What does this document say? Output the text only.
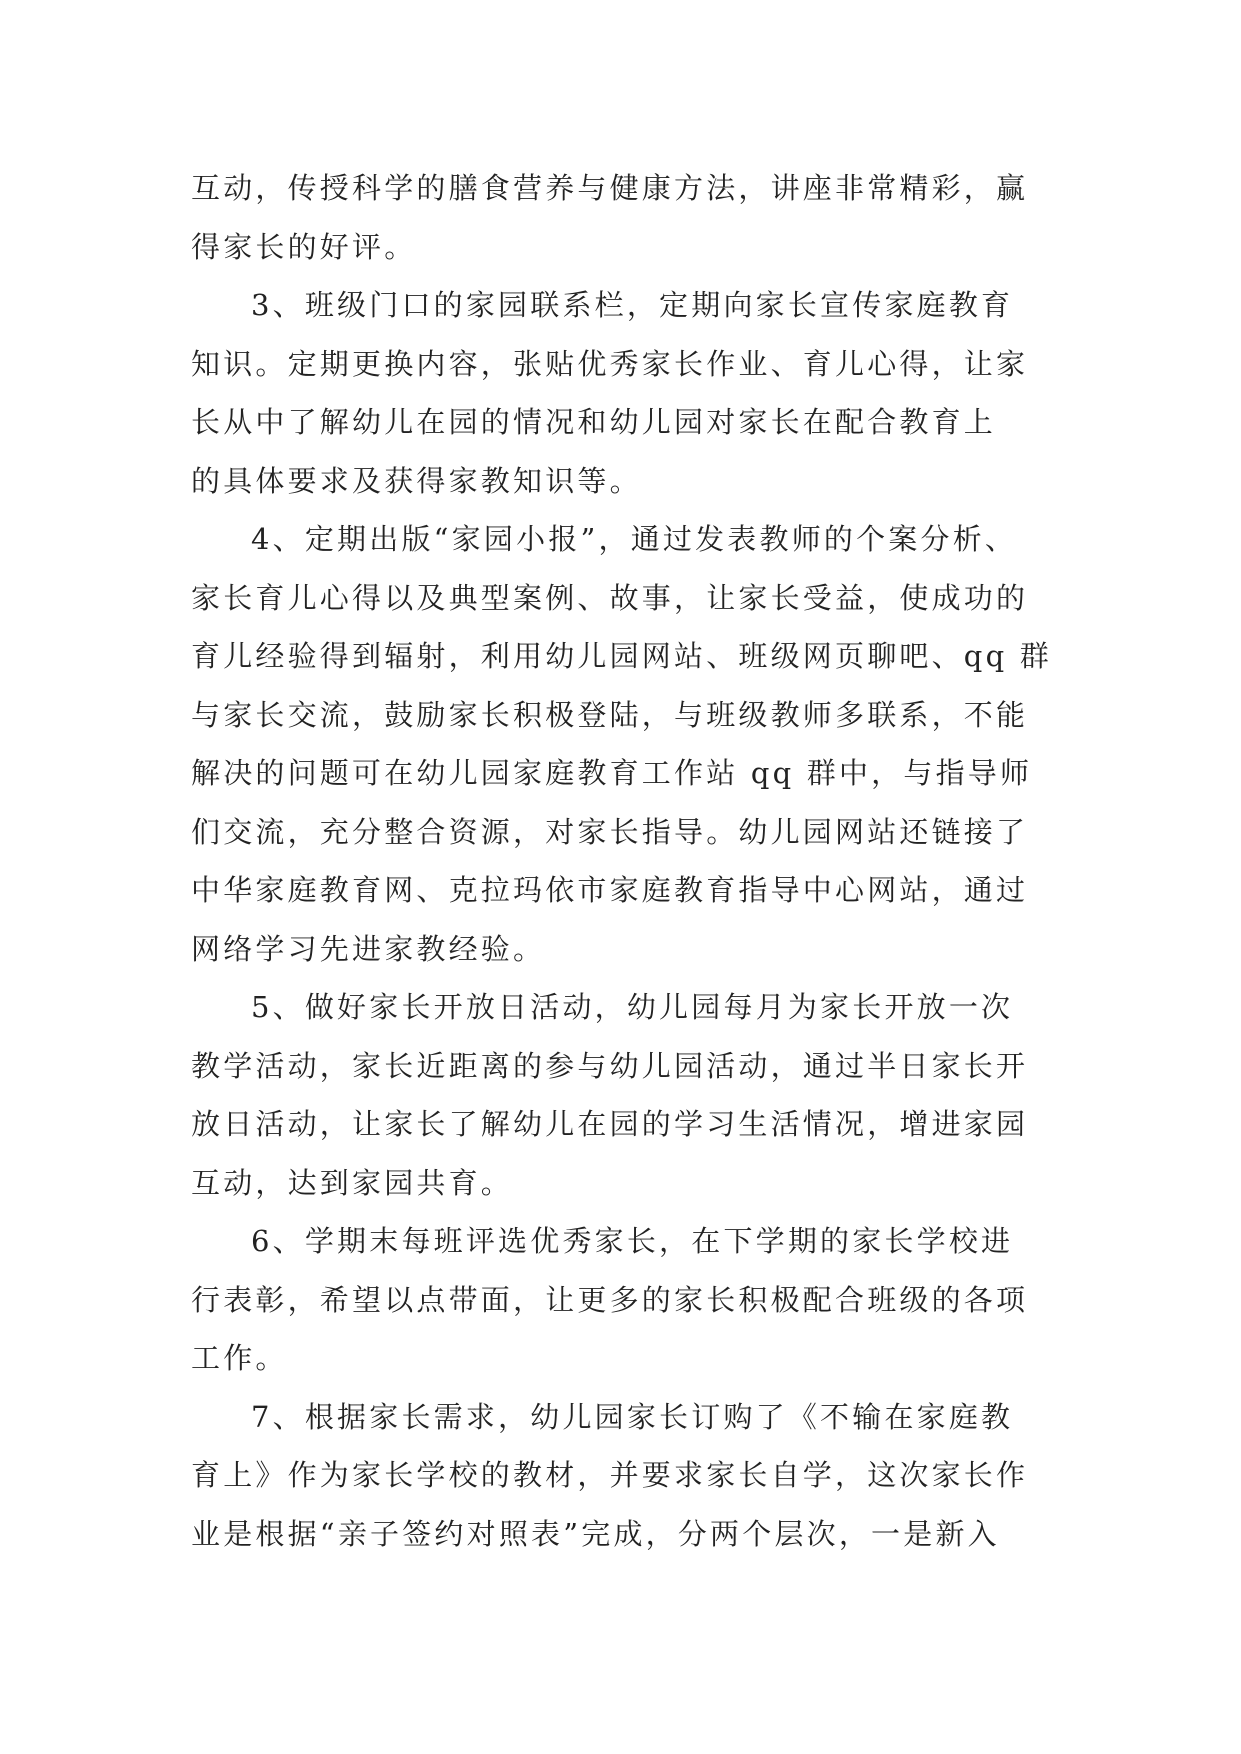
互动，传授科学的膳食营养与健康方法，讲座非常精彩，赢
得家长的好评。
3、班级门口的家园联系栏，定期向家长宣传家庭教育
知识。定期更换内容，张贴优秀家长作业、育儿心得，让家
长从中了解幼儿在园的情况和幼儿园对家长在配合教育上
的具体要求及获得家教知识等。
4、定期出版“家园小报”，通过发表教师的个案分析、
家长育儿心得以及典型案例、故事，让家长受益，使成功的
育儿经验得到辐射，利用幼儿园网站、班级网页聊吧、qq 群
与家长交流，鼓励家长积极登陆，与班级教师多联系，不能
解决的问题可在幼儿园家庭教育工作站 qq 群中，与指导师
们交流，充分整合资源，对家长指导。幼儿园网站还链接了
中华家庭教育网、克拉玛依市家庭教育指导中心网站，通过
网络学习先进家教经验。
5、做好家长开放日活动，幼儿园每月为家长开放一次
教学活动，家长近距离的参与幼儿园活动，通过半日家长开
放日活动，让家长了解幼儿在园的学习生活情况，增进家园
互动，达到家园共育。
6、学期末每班评选优秀家长，在下学期的家长学校进
行表彰，希望以点带面，让更多的家长积极配合班级的各项
工作。
7、根据家长需求，幼儿园家长订购了《不输在家庭教
育上》作为家长学校的教材，并要求家长自学，这次家长作
业是根据“亲子签约对照表”完成，分两个层次，一是新入
